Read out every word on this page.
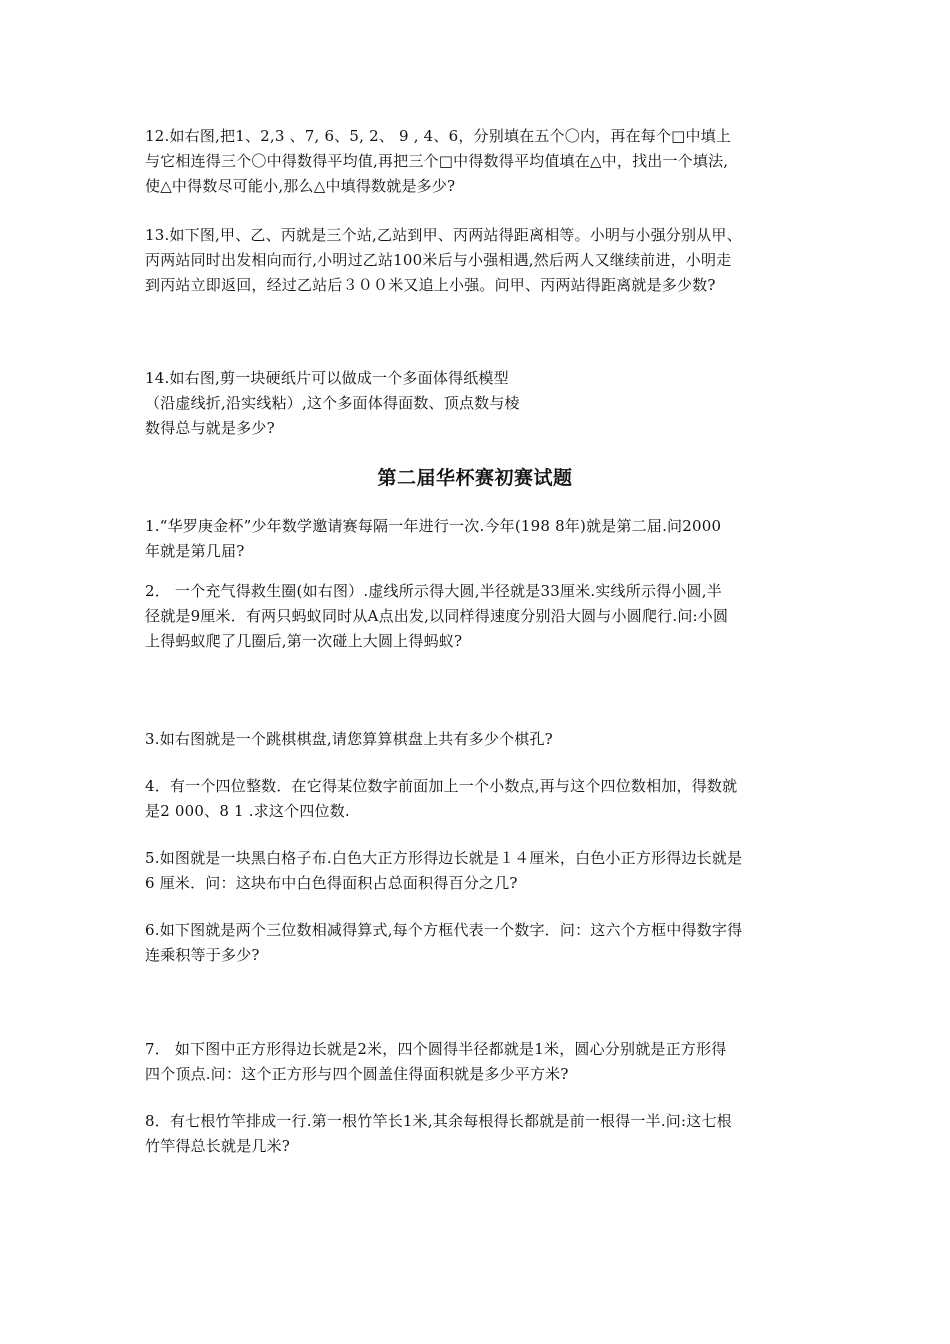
12.如右图,把1、2,3 、7, 6、5, 2、 9 , 4、6，分别填在五个〇内，再在每个□中填上
与它相连得三个〇中得数得平均值,再把三个□中得数得平均值填在△中，找出一个填法,
使△中得数尽可能小,那么△中填得数就是多少?

13.如下图,甲、乙、丙就是三个站,乙站到甲、丙两站得距离相等。小明与小强分别从甲、
丙两站同时出发相向而行,小明过乙站100米后与小强相遇,然后两人又继续前进，小明走
到丙站立即返回，经过乙站后３００米又追上小强。问甲、丙两站得距离就是多少数?

14.如右图,剪一块硬纸片可以做成一个多面体得纸模型
（沿虚线折,沿实线粘）,这个多面体得面数、顶点数与棱
数得总与就是多少?

第二届华杯赛初赛试题

1.“华罗庚金杯”少年数学邀请赛每隔一年进行一次.今年(198 8年)就是第二届.问2000
年就是第几届?

2． 一个充气得救生圈(如右图）.虚线所示得大圆,半径就是33厘米.实线所示得小圆,半
径就是9厘米．有两只蚂蚁同时从A点出发,以同样得速度分别沿大圆与小圆爬行.问:小圆
上得蚂蚁爬了几圈后,第一次碰上大圆上得蚂蚁?

3.如右图就是一个跳棋棋盘,请您算算棋盘上共有多少个棋孔?

4．有一个四位整数．在它得某位数字前面加上一个小数点,再与这个四位数相加，得数就
是2 000、8 1 .求这个四位数.

5.如图就是一块黑白格子布.白色大正方形得边长就是１４厘米，白色小正方形得边长就是
6 厘米．问：这块布中白色得面积占总面积得百分之几?

6.如下图就是两个三位数相减得算式,每个方框代表一个数字．问：这六个方框中得数字得
连乘积等于多少?

7． 如下图中正方形得边长就是2米，四个圆得半径都就是1米，圆心分别就是正方形得
四个顶点.问：这个正方形与四个圆盖住得面积就是多少平方米?

8．有七根竹竿排成一行.第一根竹竿长1米,其余每根得长都就是前一根得一半.问:这七根
竹竿得总长就是几米?
